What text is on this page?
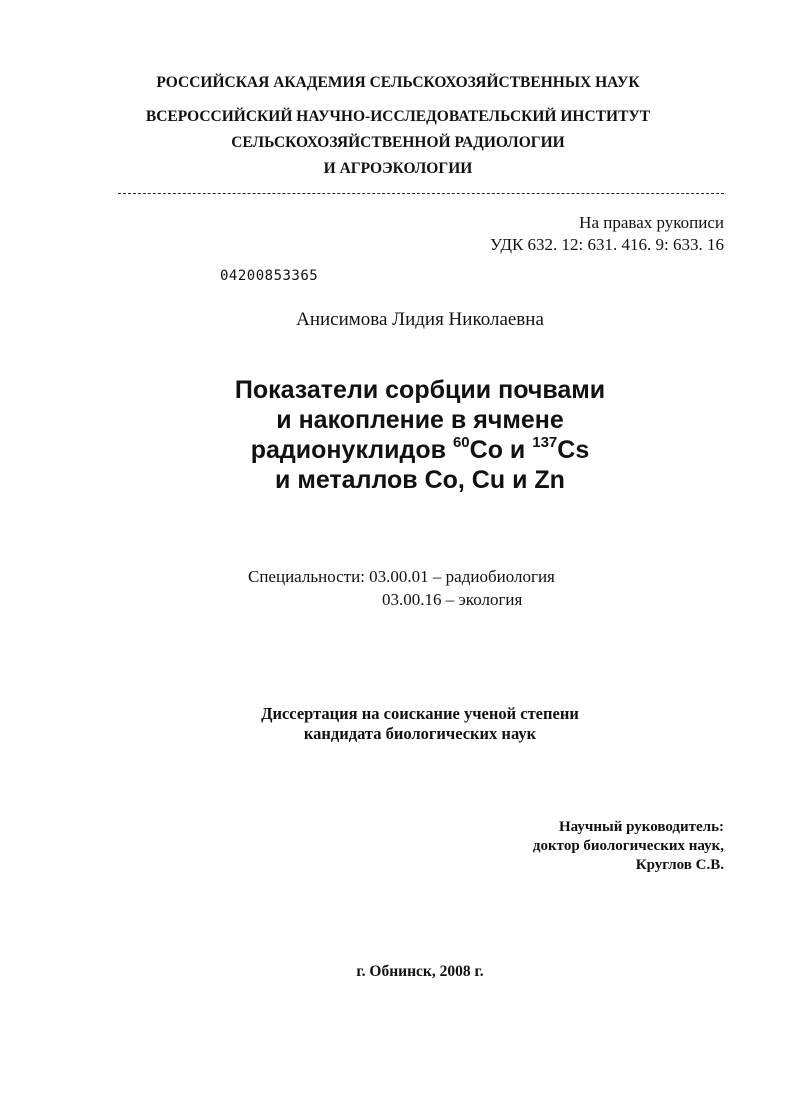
РОССИЙСКАЯ АКАДЕМИЯ СЕЛЬСКОХОЗЯЙСТВЕННЫХ НАУК
ВСЕРОССИЙСКИЙ НАУЧНО-ИССЛЕДОВАТЕЛЬСКИЙ ИНСТИТУТ
СЕЛЬСКОХОЗЯЙСТВЕННОЙ РАДИОЛОГИИ
И АГРОЭКОЛОГИИ
На правах рукописи
УДК 632. 12: 631. 416. 9: 633. 16
04200853365
Анисимова Лидия Николаевна
Показатели сорбции почвами
и накопление в ячмене
радионуклидов $^{60}$Co и $^{137}$Cs
и металлов Co, Cu и Zn
Специальности: 03.00.01 – радиобиология
03.00.16 – экология
Диссертация на соискание ученой степени
кандидата биологических наук
Научный руководитель:
доктор биологических наук,
Круглов С.В.
г. Обнинск, 2008 г.
